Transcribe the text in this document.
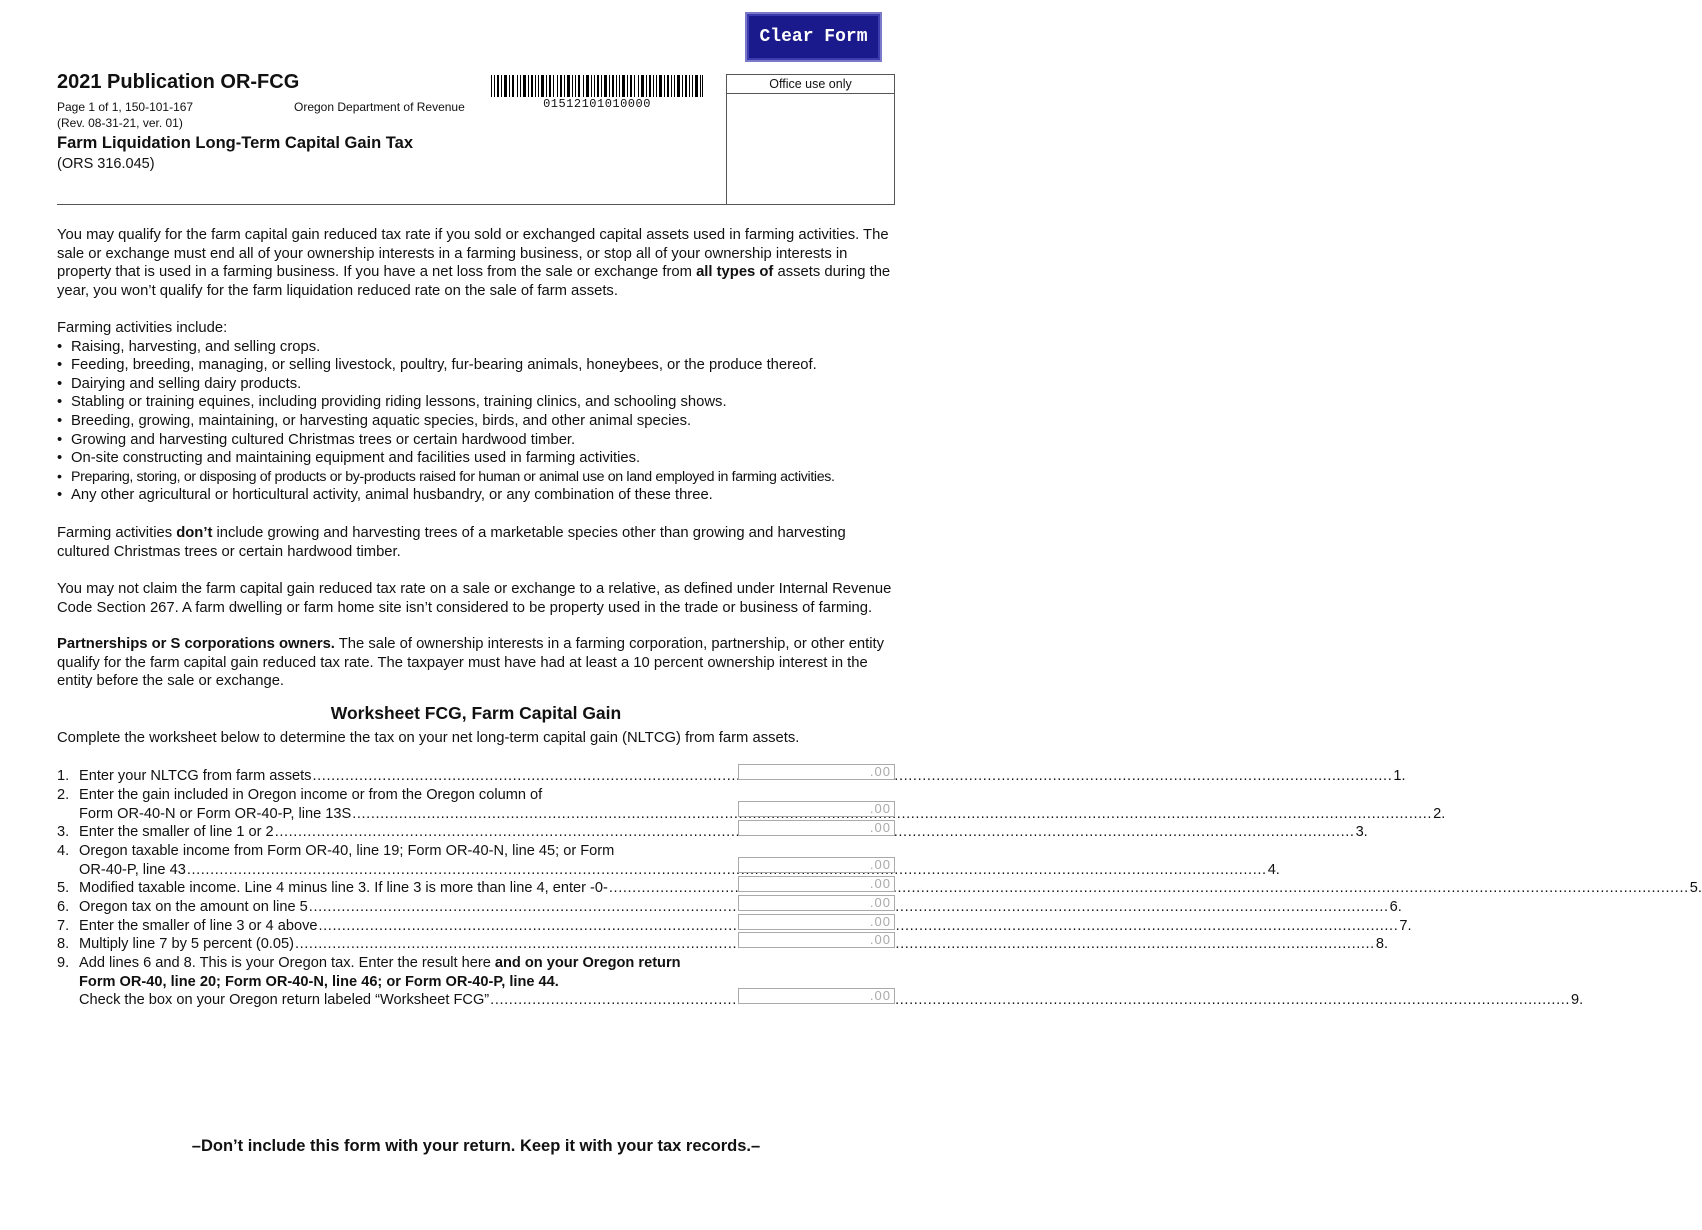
Clear Form
2021 Publication OR-FCG
Page 1 of 1, 150-101-167
(Rev. 08-31-21, ver. 01)
Oregon Department of Revenue
Farm Liquidation Long-Term Capital Gain Tax
(ORS 316.045)
01512101010000
Office use only

You may qualify for the farm capital gain reduced tax rate if you sold or exchanged capital assets used in farming activities. The sale or exchange must end all of your ownership interests in a farming business, or stop all of your ownership interests in property that is used in a farming business. If you have a net loss from the sale or exchange from all types of assets during the year, you won’t qualify for the farm liquidation reduced rate on the sale of farm assets.

Farming activities include:

• Raising, harvesting, and selling crops.
• Feeding, breeding, managing, or selling livestock, poultry, fur-bearing animals, honeybees, or the produce thereof.
• Dairying and selling dairy products.
• Stabling or training equines, including providing riding lessons, training clinics, and schooling shows.
• Breeding, growing, maintaining, or harvesting aquatic species, birds, and other animal species.
• Growing and harvesting cultured Christmas trees or certain hardwood timber.
• On-site constructing and maintaining equipment and facilities used in farming activities.
• Preparing, storing, or disposing of products or by-products raised for human or animal use on land employed in farming activities.
• Any other agricultural or horticultural activity, animal husbandry, or any combination of these three.

Farming activities don’t include growing and harvesting trees of a marketable species other than growing and harvesting cultured Christmas trees or certain hardwood timber.

You may not claim the farm capital gain reduced tax rate on a sale or exchange to a relative, as defined under Internal Revenue Code Section 267. A farm dwelling or farm home site isn’t considered to be property used in the trade or business of farming.

Partnerships or S corporations owners. The sale of ownership interests in a farming corporation, partnership, or other entity qualify for the farm capital gain reduced tax rate. The taxpayer must have had at least a 10 percent ownership interest in the entity before the sale or exchange.

Worksheet FCG, Farm Capital Gain
Complete the worksheet below to determine the tax on your net long-term capital gain (NLTCG) from farm assets.
1. Enter your NLTCG from farm assets .....	1.
.00
2. Enter the gain included in Oregon income or from the Oregon column of
Form OR-40-N or Form OR-40-P, line 13S .....	2.
.00
3. Enter the smaller of line 1 or 2 .....	3.
.00
4. Oregon taxable income from Form OR-40, line 19; Form OR-40-N, line 45; or Form
OR-40-P, line 43 .....	4.
.00
5. Modified taxable income. Line 4 minus line 3. If line 3 is more than line 4, enter -0- .....	5.
.00
6. Oregon tax on the amount on line 5 .....	6.
.00
7. Enter the smaller of line 3 or 4 above .....	7.
.00
8. Multiply line 7 by 5 percent (0.05) .....	8.
.00
9. Add lines 6 and 8. This is your Oregon tax. Enter the result here and on your Oregon return Form OR-40, line 20; Form OR-40-N, line 46; or Form OR-40-P, line 44.
Check the box on your Oregon return labeled “Worksheet FCG” .....	9.
.00
–Don’t include this form with your return. Keep it with your tax records.–
